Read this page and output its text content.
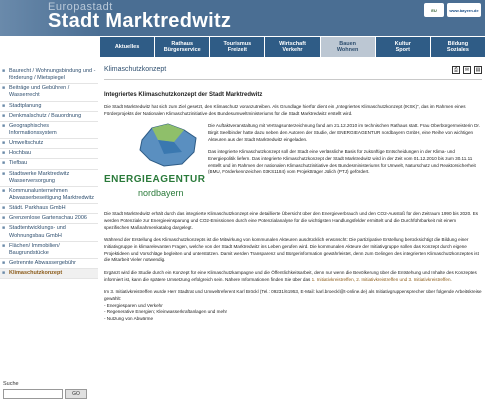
Europastadt
Stadt Marktredwitz	EU	www.bayern.de
Aktuelles
Rathaus
Bürgerservice
Tourismus
Freizeit
Wirtschaft
Verkehr
Bauen
Wohnen
Kultur
Sport
Bildung
Soziales
■ Baurecht / Wohnungsbindung und -förderung / Mietspiegel
■ Beiträge und Gebühren / Wasserrecht
■ Stadtplanung
■ Denkmalschutz / Bauordnung
■ Geographisches Informationssystem
■ Umweltschutz
■ Hochbau
■ Tiefbau
■ Stadtwerke Marktredwitz Wasserversorgung
■ Kommunalunternehmen Abwasserbeseitigung Marktredwitz
■ Städt. Parkhaus GmbH
■ Grenzenlose Gartenschau 2006
■ Stadtentwicklungs- und Wohnungsbau GmbH
■ Flächen/ Immobilien/ Baugrundstücke
■ Getrennte Abwassergebühr
■ Klimaschutzkonzept
Suche
GO
Klimaschutzkonzept	⎙	✉	▤
Integriertes Klimaschutzkonzept der Stadt Marktredwitz

Die Stadt Marktredwitz hat sich zum Ziel gesetzt, den Klimaschutz voranzutreiben. Als Grundlage hierfür dient ein „Integriertes Klimaschutzkonzept (IKSK)“, das im Rahmen eines Förderprojekts der Nationalen Klimaschutzinitiative des Bundesumweltministeriums für die Stadt Marktredwitz erstellt wird.

ENERGIEAGENTUR
nordbayern

Die Auftaktveranstaltung mit Vertragsunterzeichnung fand am 21.12.2010 im technischen Rathaus statt. Frau Oberbürgermeisterin Dr. Birgit Seelbinder hatte dazu neben den Autoren der Studie, der ENERGIEAGENTUR nordbayern GmbH, eine Reihe von wichtigen Akteuren aus der Stadt Marktredwitz eingeladen.

Das integrierte Klimaschutzkonzept soll der Stadt eine verlässliche Basis für zukünftige Entscheidungen in der Klima- und Energiepolitik liefern. Das integrierte Klimaschutzkonzept der Stadt Marktredwitz wird in der Zeit vom 01.12.2010 bis zum 30.11.11 erstellt und im Rahmen der nationalen Klimaschutzinitiative des Bundesministeriums für Umwelt, Naturschutz und Reaktorsicherheit (BMU, Förderkennzeichen 03KS1184) vom Projektträger Jülich (PTJ) gefördert.

Die Stadt Marktredwitz erhält durch das integrierte Klimaschutzkonzept eine detaillierte Übersicht über den Energieverbrauch und den CO2-Ausstoß für den Zeitraum 1990 bis 2020. Es werden Potenziale zur Energieeinsparung und CO2-Emissionen durch eine Potenzialanalyse für die wichtigsten Handlungsfelder ermittelt und die Durchführbarkeit mit einem spezifischen Maßnahmenkatalog dargelegt.

Während der Erstellung des Klimaschutzkonzepts ist die Mitwirkung von kommunalen Akteuren ausdrücklich erwünscht: Die partizipative Erstellung berücksichtigt die Bildung einer Initiativgruppe in klimarelevanten Fragen, welche von der Stadt Marktredwitz ins Leben gerufen wird. Die kommunalen Akteure der Initiativgruppe sollen das Konzept durch eigene Projektideen und Vorschläge begleiten und unterstützen. Damit werden Transparenz und Bürgerinformation gewährleistet, denn zum Gelingen des integrierten Klimaschutzkonzeptes ist die Mitarbeit Vieler notwendig.

Ergänzt wird die Studie durch ein Konzept für eine Klimaschutzkampagne und die Öffentlichkeitsarbeit, denn nur wenn die Bevölkerung über die Entstehung und Inhalte des Konzeptes informiert ist, kann die spätere Umsetzung erfolgreich sein. Nähere Informationen finden Sie über das 1. Initiativkreistreffen, 2. Initiativkreistreffen und 3. Initiativkreistreffen.

Im 3. Initiativkreistreffen wurde Herr Stadtrat und Umweltreferent Karl Bröckl (Tel.: 09231/61953, E-Mail: karl.broeckl@t-online.de) als Initiativgruppensprecher über folgende Arbeitskreise gewählt:
- Energiesparen und Verkehr
- Regenerative Energien; Kleinwasserkraftanlagen und mehr
- Nutzung von Abwärme
